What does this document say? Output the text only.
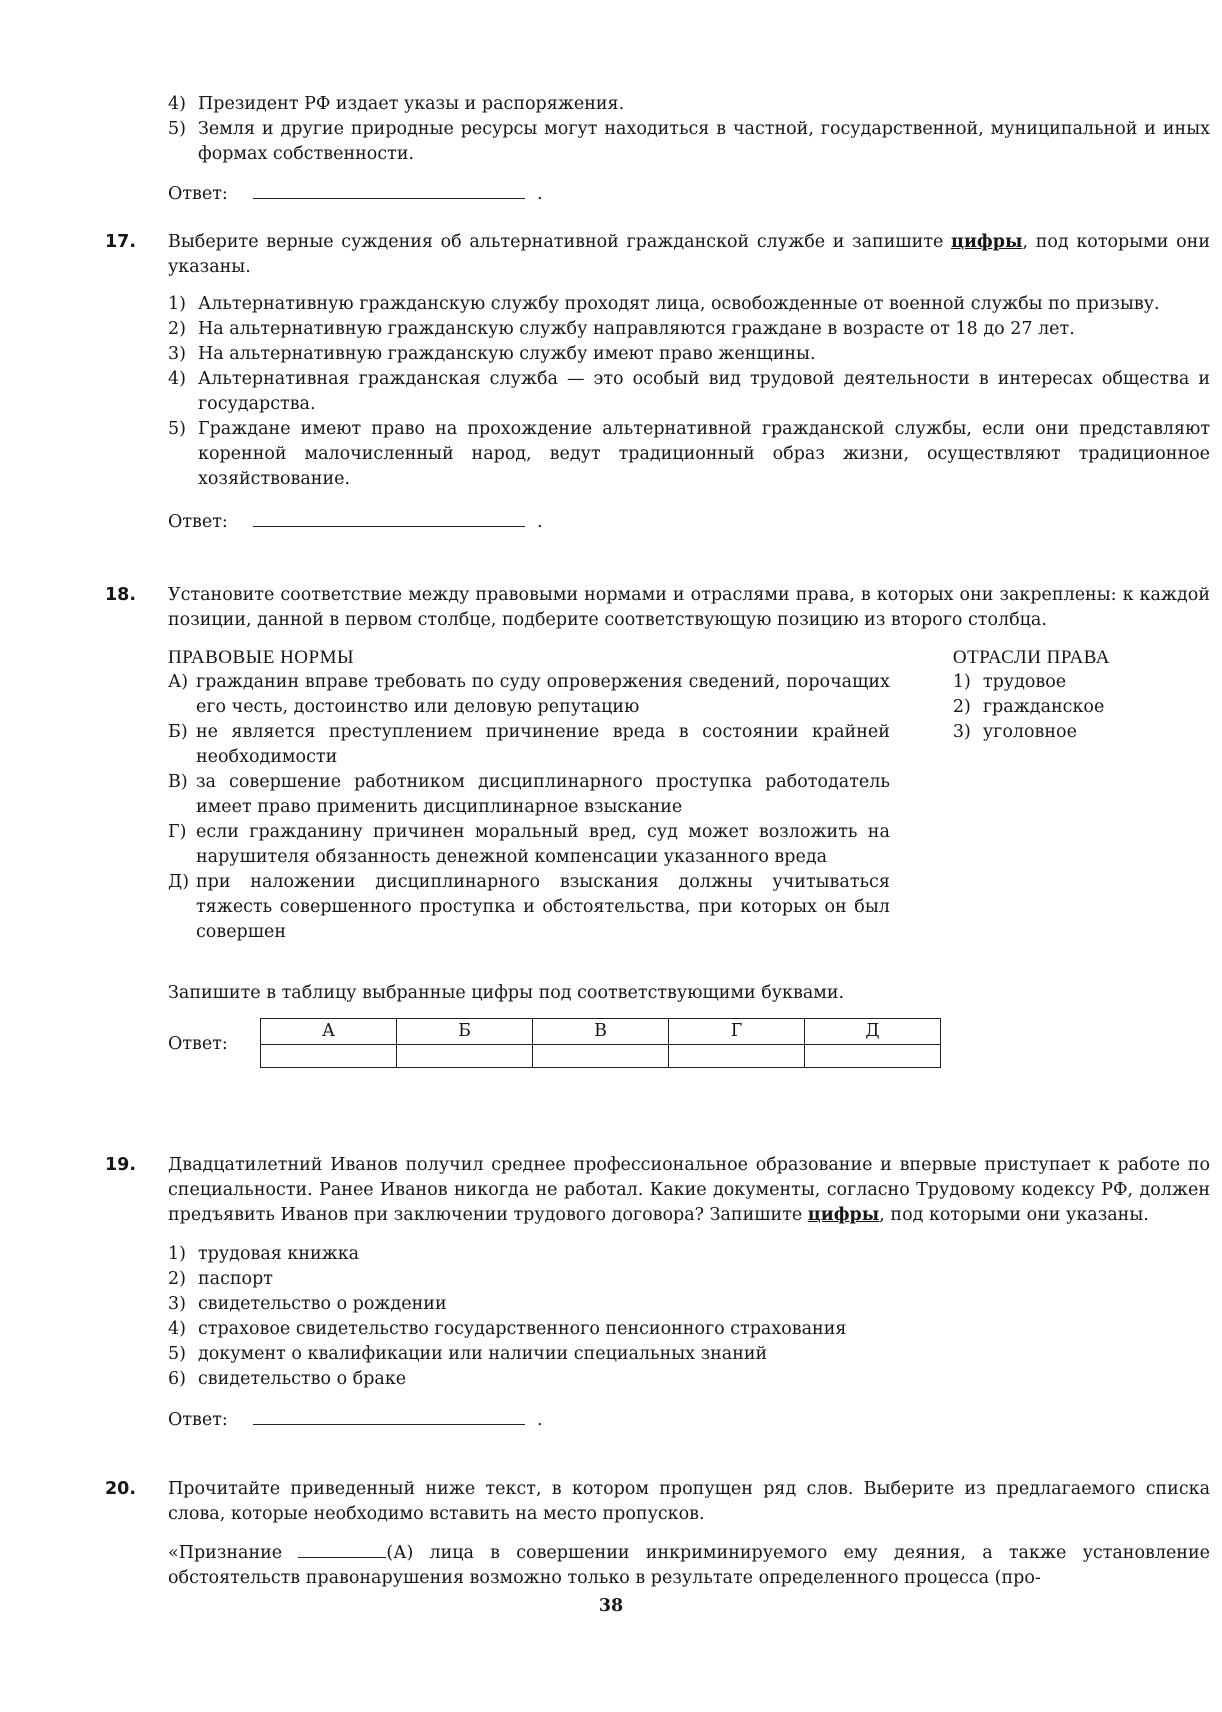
4) Президент РФ издает указы и распоряжения.
5) Земля и другие природные ресурсы могут находиться в частной, государственной, муниципальной и иных формах собственности.
Ответ:	.
17. Выберите верные суждения об альтернативной гражданской службе и запишите цифры, под которыми они указаны.
1) Альтернативную гражданскую службу проходят лица, освобожденные от военной службы по призыву.
2) На альтернативную гражданскую службу направляются граждане в возрасте от 18 до 27 лет.
3) На альтернативную гражданскую службу имеют право женщины.
4) Альтернативная гражданская служба — это особый вид трудовой деятельности в интересах общества и государства.
5) Граждане имеют право на прохождение альтернативной гражданской службы, если они представляют коренной малочисленный народ, ведут традиционный образ жизни, осуществляют традиционное хозяйствование.
Ответ:	.
18. Установите соответствие между правовыми нормами и отраслями права, в которых они закреплены: к каждой позиции, данной в первом столбце, подберите соответствующую позицию из второго столбца.
ПРАВОВЫЕ НОРМЫ
А) гражданин вправе требовать по суду опровержения сведений, порочащих его честь, достоинство или деловую репутацию
Б) не является преступлением причинение вреда в состоянии крайней необходимости
В) за совершение работником дисциплинарного проступка работодатель имеет право применить дисциплинарное взыскание
Г) если гражданину причинен моральный вред, суд может возложить на нарушителя обязанность денежной компенсации указанного вреда
Д) при наложении дисциплинарного взыскания должны учитываться тяжесть совершенного проступка и обстоятельства, при которых он был совершен
ОТРАСЛИ ПРАВА
1) трудовое
2) гражданское
3) уголовное
Запишите в таблицу выбранные цифры под соответствующими буквами.
Ответ:
А	Б	В	Г	Д

19. Двадцатилетний Иванов получил среднее профессиональное образование и впервые приступает к работе по специальности. Ранее Иванов никогда не работал. Какие документы, согласно Трудовому кодексу РФ, должен предъявить Иванов при заключении трудового договора? Запишите цифры, под которыми они указаны.
1) трудовая книжка
2) паспорт
3) свидетельство о рождении
4) страховое свидетельство государственного пенсионного страхования
5) документ о квалификации или наличии специальных знаний
6) свидетельство о браке
Ответ:	.
20. Прочитайте приведенный ниже текст, в котором пропущен ряд слов. Выберите из предлагаемого списка слова, которые необходимо вставить на место пропусков.
«Признание	(А) лица в совершении инкриминируемого ему деяния, а также установление обстоятельств правонарушения возможно только в результате определенного процесса (про-
38
